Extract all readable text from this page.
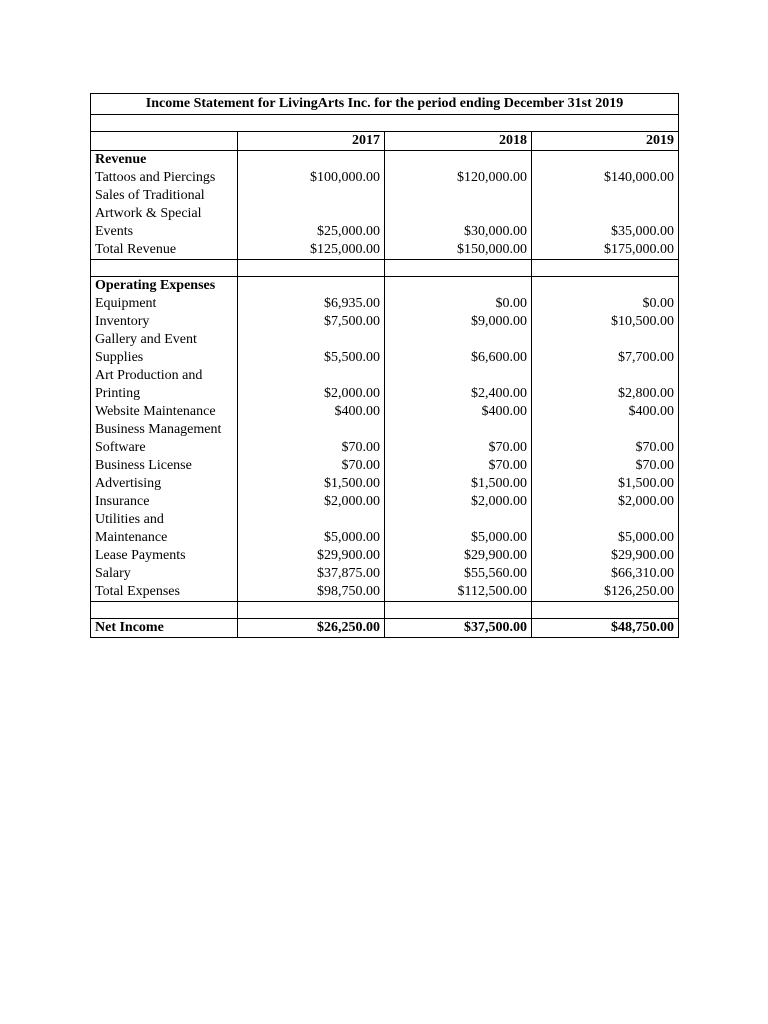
Income Statement for LivingArts Inc. for the period ending December 31st 2019			

	2017	2018	2019
Revenue			
Tattoos and Piercings	$100,000.00	$120,000.00	$140,000.00
Sales of Traditional Artwork & Special Events	$25,000.00	$30,000.00	$35,000.00
Total Revenue	$125,000.00	$150,000.00	$175,000.00

Operating Expenses			
Equipment	$6,935.00	$0.00	$0.00
Inventory	$7,500.00	$9,000.00	$10,500.00
Gallery and Event Supplies	$5,500.00	$6,600.00	$7,700.00
Art Production and Printing	$2,000.00	$2,400.00	$2,800.00
Website Maintenance	$400.00	$400.00	$400.00
Business Management Software	$70.00	$70.00	$70.00
Business License	$70.00	$70.00	$70.00
Advertising	$1,500.00	$1,500.00	$1,500.00
Insurance	$2,000.00	$2,000.00	$2,000.00
Utilities and Maintenance	$5,000.00	$5,000.00	$5,000.00
Lease Payments	$29,900.00	$29,900.00	$29,900.00
Salary	$37,875.00	$55,560.00	$66,310.00
Total Expenses	$98,750.00	$112,500.00	$126,250.00

Net Income	$26,250.00	$37,500.00	$48,750.00
